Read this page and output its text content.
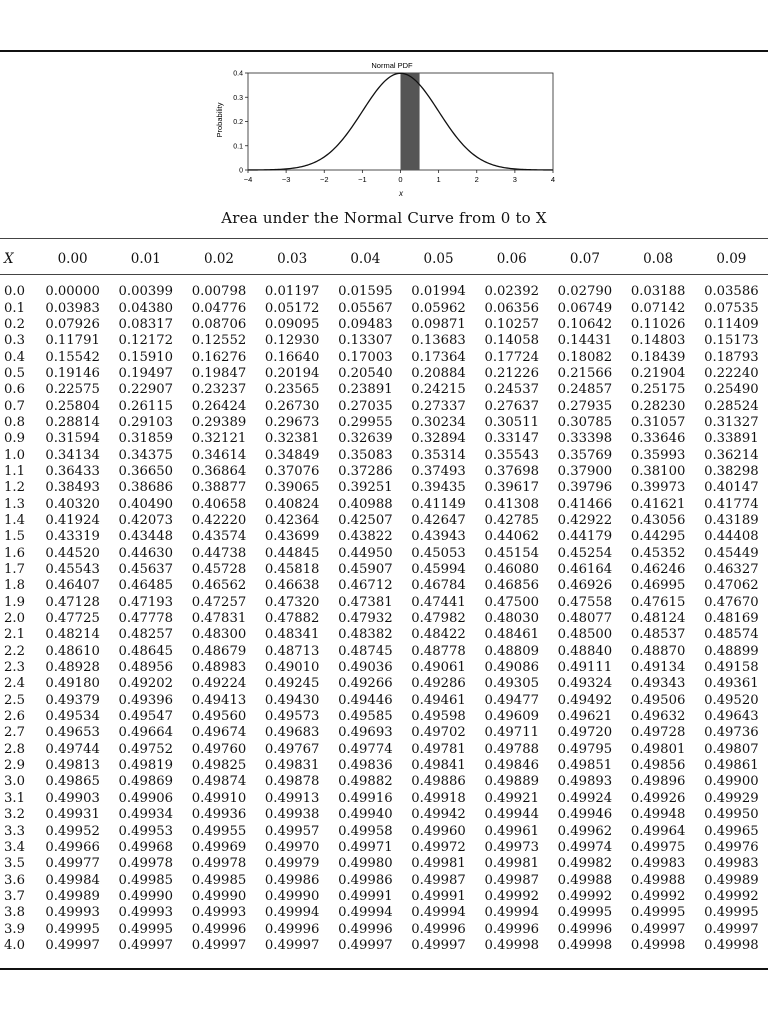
Normal PDF
Probability
x
−4	−3	−2	−1	0	1	2	3	4
0
0.1
0.2
0.3
0.4
Area under the Normal Curve from 0 to X
X	0.00	0.01	0.02	0.03	0.04	0.05	0.06	0.07	0.08	0.09

0.0	0.00000	0.00399	0.00798	0.01197	0.01595	0.01994	0.02392	0.02790	0.03188	0.03586
0.1	0.03983	0.04380	0.04776	0.05172	0.05567	0.05962	0.06356	0.06749	0.07142	0.07535
0.2	0.07926	0.08317	0.08706	0.09095	0.09483	0.09871	0.10257	0.10642	0.11026	0.11409
0.3	0.11791	0.12172	0.12552	0.12930	0.13307	0.13683	0.14058	0.14431	0.14803	0.15173
0.4	0.15542	0.15910	0.16276	0.16640	0.17003	0.17364	0.17724	0.18082	0.18439	0.18793
0.5	0.19146	0.19497	0.19847	0.20194	0.20540	0.20884	0.21226	0.21566	0.21904	0.22240
0.6	0.22575	0.22907	0.23237	0.23565	0.23891	0.24215	0.24537	0.24857	0.25175	0.25490
0.7	0.25804	0.26115	0.26424	0.26730	0.27035	0.27337	0.27637	0.27935	0.28230	0.28524
0.8	0.28814	0.29103	0.29389	0.29673	0.29955	0.30234	0.30511	0.30785	0.31057	0.31327
0.9	0.31594	0.31859	0.32121	0.32381	0.32639	0.32894	0.33147	0.33398	0.33646	0.33891
1.0	0.34134	0.34375	0.34614	0.34849	0.35083	0.35314	0.35543	0.35769	0.35993	0.36214
1.1	0.36433	0.36650	0.36864	0.37076	0.37286	0.37493	0.37698	0.37900	0.38100	0.38298
1.2	0.38493	0.38686	0.38877	0.39065	0.39251	0.39435	0.39617	0.39796	0.39973	0.40147
1.3	0.40320	0.40490	0.40658	0.40824	0.40988	0.41149	0.41308	0.41466	0.41621	0.41774
1.4	0.41924	0.42073	0.42220	0.42364	0.42507	0.42647	0.42785	0.42922	0.43056	0.43189
1.5	0.43319	0.43448	0.43574	0.43699	0.43822	0.43943	0.44062	0.44179	0.44295	0.44408
1.6	0.44520	0.44630	0.44738	0.44845	0.44950	0.45053	0.45154	0.45254	0.45352	0.45449
1.7	0.45543	0.45637	0.45728	0.45818	0.45907	0.45994	0.46080	0.46164	0.46246	0.46327
1.8	0.46407	0.46485	0.46562	0.46638	0.46712	0.46784	0.46856	0.46926	0.46995	0.47062
1.9	0.47128	0.47193	0.47257	0.47320	0.47381	0.47441	0.47500	0.47558	0.47615	0.47670
2.0	0.47725	0.47778	0.47831	0.47882	0.47932	0.47982	0.48030	0.48077	0.48124	0.48169
2.1	0.48214	0.48257	0.48300	0.48341	0.48382	0.48422	0.48461	0.48500	0.48537	0.48574
2.2	0.48610	0.48645	0.48679	0.48713	0.48745	0.48778	0.48809	0.48840	0.48870	0.48899
2.3	0.48928	0.48956	0.48983	0.49010	0.49036	0.49061	0.49086	0.49111	0.49134	0.49158
2.4	0.49180	0.49202	0.49224	0.49245	0.49266	0.49286	0.49305	0.49324	0.49343	0.49361
2.5	0.49379	0.49396	0.49413	0.49430	0.49446	0.49461	0.49477	0.49492	0.49506	0.49520
2.6	0.49534	0.49547	0.49560	0.49573	0.49585	0.49598	0.49609	0.49621	0.49632	0.49643
2.7	0.49653	0.49664	0.49674	0.49683	0.49693	0.49702	0.49711	0.49720	0.49728	0.49736
2.8	0.49744	0.49752	0.49760	0.49767	0.49774	0.49781	0.49788	0.49795	0.49801	0.49807
2.9	0.49813	0.49819	0.49825	0.49831	0.49836	0.49841	0.49846	0.49851	0.49856	0.49861
3.0	0.49865	0.49869	0.49874	0.49878	0.49882	0.49886	0.49889	0.49893	0.49896	0.49900
3.1	0.49903	0.49906	0.49910	0.49913	0.49916	0.49918	0.49921	0.49924	0.49926	0.49929
3.2	0.49931	0.49934	0.49936	0.49938	0.49940	0.49942	0.49944	0.49946	0.49948	0.49950
3.3	0.49952	0.49953	0.49955	0.49957	0.49958	0.49960	0.49961	0.49962	0.49964	0.49965
3.4	0.49966	0.49968	0.49969	0.49970	0.49971	0.49972	0.49973	0.49974	0.49975	0.49976
3.5	0.49977	0.49978	0.49978	0.49979	0.49980	0.49981	0.49981	0.49982	0.49983	0.49983
3.6	0.49984	0.49985	0.49985	0.49986	0.49986	0.49987	0.49987	0.49988	0.49988	0.49989
3.7	0.49989	0.49990	0.49990	0.49990	0.49991	0.49991	0.49992	0.49992	0.49992	0.49992
3.8	0.49993	0.49993	0.49993	0.49994	0.49994	0.49994	0.49994	0.49995	0.49995	0.49995
3.9	0.49995	0.49995	0.49996	0.49996	0.49996	0.49996	0.49996	0.49996	0.49997	0.49997
4.0	0.49997	0.49997	0.49997	0.49997	0.49997	0.49997	0.49998	0.49998	0.49998	0.49998
